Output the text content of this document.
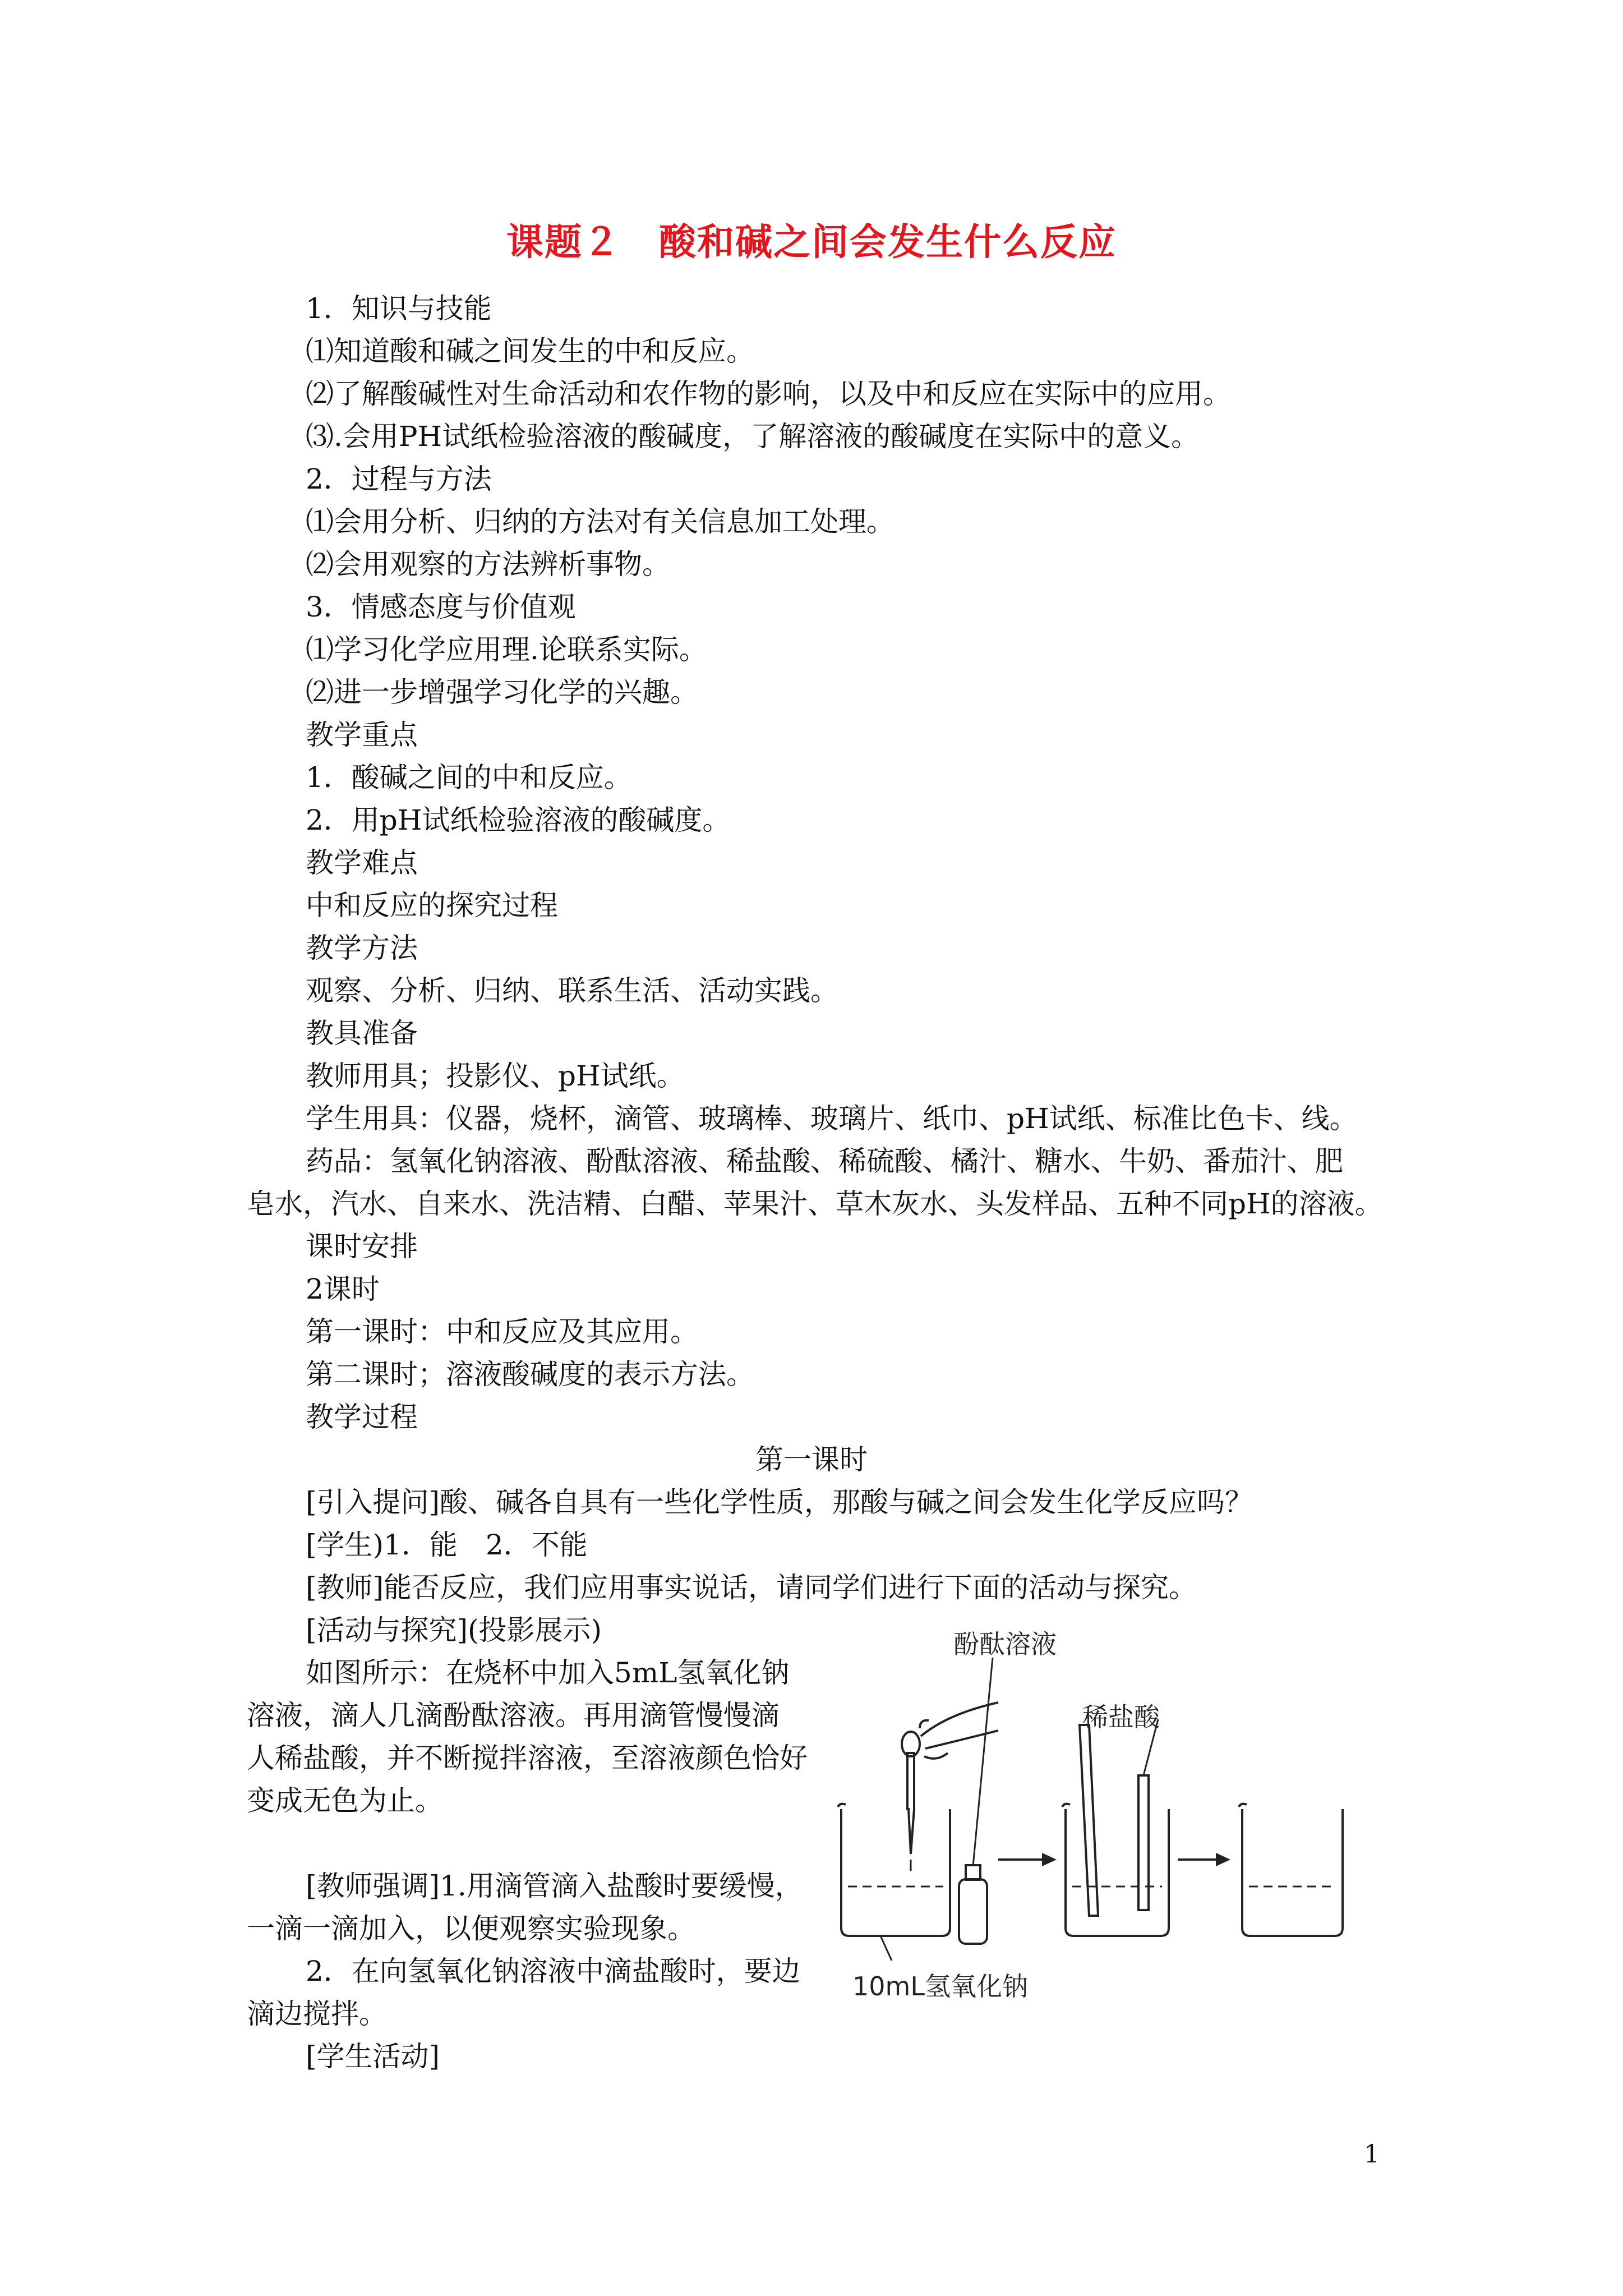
课题２　酸和碱之间会发生什么反应
1．知识与技能
⑴知道酸和碱之间发生的中和反应。
⑵了解酸碱性对生命活动和农作物的影响，以及中和反应在实际中的应用。
⑶.会用PH试纸检验溶液的酸碱度，了解溶液的酸碱度在实际中的意义。
2．过程与方法
⑴会用分析、归纳的方法对有关信息加工处理。
⑵会用观察的方法辨析事物。
3．情感态度与价值观
⑴学习化学应用理.论联系实际。
⑵进一步增强学习化学的兴趣。
教学重点
1．酸碱之间的中和反应。
2．用pH试纸检验溶液的酸碱度。
教学难点
中和反应的探究过程
教学方法
观察、分析、归纳、联系生活、活动实践。
教具准备
教师用具；投影仪、pH试纸。
学生用具：仪器，烧杯，滴管、玻璃棒、玻璃片、纸巾、pH试纸、标准比色卡、线。
药品：氢氧化钠溶液、酚酞溶液、稀盐酸、稀硫酸、橘汁、糖水、牛奶、番茄汁、肥
皂水，汽水、自来水、洗洁精、白醋、苹果汁、草木灰水、头发样品、五种不同pH的溶液。
课时安排
2课时
第一课时：中和反应及其应用。
第二课时；溶液酸碱度的表示方法。
教学过程
第一课时
[引入提问]酸、碱各自具有一些化学性质，那酸与碱之间会发生化学反应吗？
[学生)1．能　2．不能
[教师]能否反应，我们应用事实说话，请同学们进行下面的活动与探究。
[活动与探究](投影展示)
如图所示：在烧杯中加入5mL氢氧化钠
溶液，滴人几滴酚酞溶液。再用滴管慢慢滴
人稀盐酸，并不断搅拌溶液，至溶液颜色恰好
变成无色为止。
[教师强调]1.用滴管滴入盐酸时要缓慢，
一滴一滴加入，以便观察实验现象。
2．在向氢氧化钠溶液中滴盐酸时，要边
滴边搅拌。
[学生活动]
酚酞溶液
稀盐酸
10mL氢氧化钠
1
